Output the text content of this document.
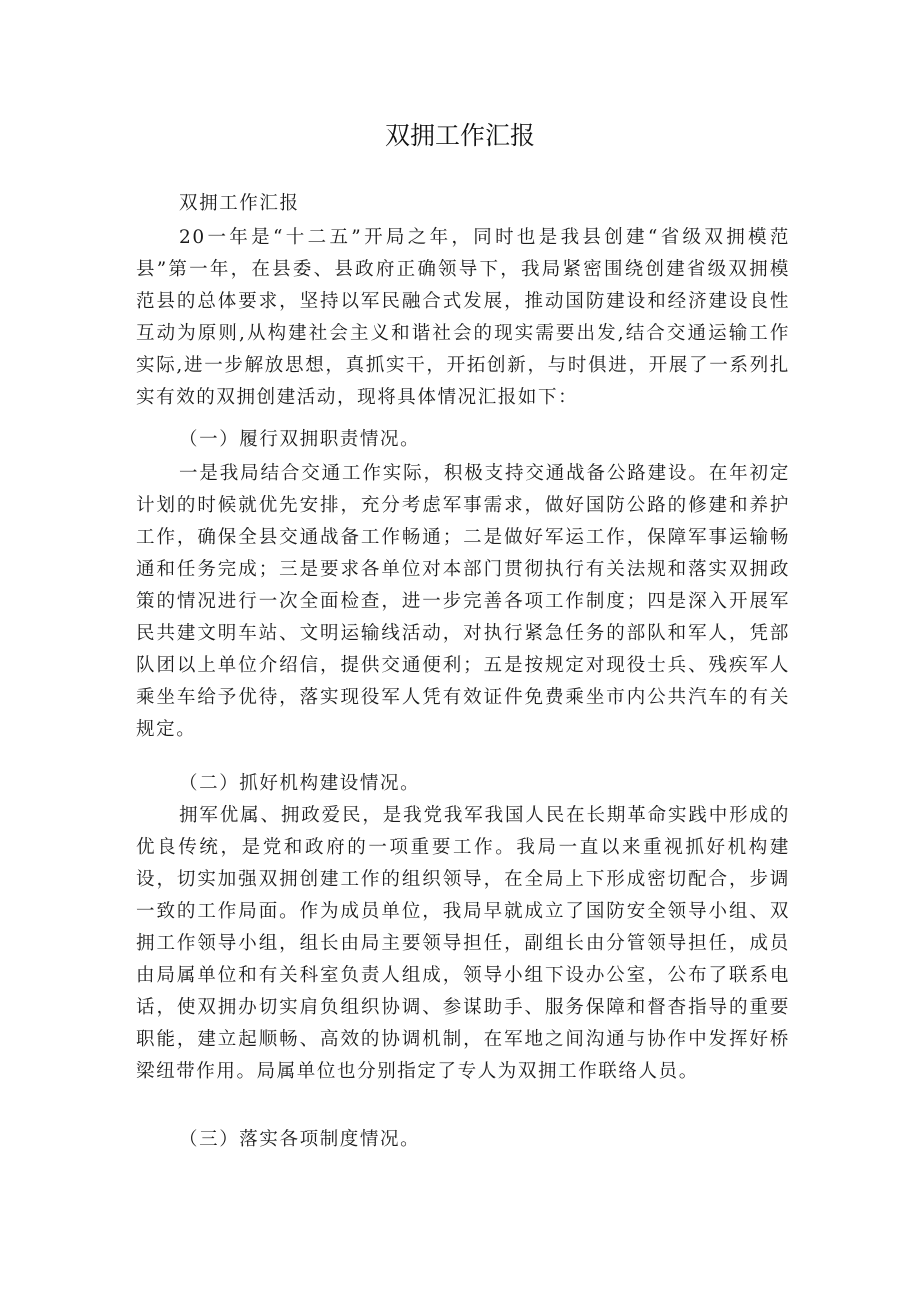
双拥工作汇报

双拥工作汇报

20一年是“十二五”开局之年，同时也是我县创建“省级双拥模范县”第一年，在县委、县政府正确领导下，我局紧密围绕创建省级双拥模范县的总体要求，坚持以军民融合式发展，推动国防建设和经济建设良性互动为原则,从构建社会主义和谐社会的现实需要出发,结合交通运输工作实际,进一步解放思想，真抓实干，开拓创新，与时俱进，开展了一系列扎实有效的双拥创建活动，现将具体情况汇报如下：

（一）履行双拥职责情况。

一是我局结合交通工作实际，积极支持交通战备公路建设。在年初定计划的时候就优先安排，充分考虑军事需求，做好国防公路的修建和养护工作，确保全县交通战备工作畅通；二是做好军运工作，保障军事运输畅通和任务完成；三是要求各单位对本部门贯彻执行有关法规和落实双拥政策的情况进行一次全面检查，进一步完善各项工作制度；四是深入开展军民共建文明车站、文明运输线活动，对执行紧急任务的部队和军人，凭部队团以上单位介绍信，提供交通便利；五是按规定对现役士兵、残疾军人乘坐车给予优待，落实现役军人凭有效证件免费乘坐市内公共汽车的有关规定。

（二）抓好机构建设情况。

拥军优属、拥政爱民，是我党我军我国人民在长期革命实践中形成的优良传统，是党和政府的一项重要工作。我局一直以来重视抓好机构建设，切实加强双拥创建工作的组织领导，在全局上下形成密切配合，步调一致的工作局面。作为成员单位，我局早就成立了国防安全领导小组、双拥工作领导小组，组长由局主要领导担任，副组长由分管领导担任，成员由局属单位和有关科室负责人组成，领导小组下设办公室，公布了联系电话，使双拥办切实肩负组织协调、参谋助手、服务保障和督杳指导的重要职能，建立起顺畅、高效的协调机制，在军地之间沟通与协作中发挥好桥梁纽带作用。局属单位也分别指定了专人为双拥工作联络人员。

（三）落实各项制度情况。
